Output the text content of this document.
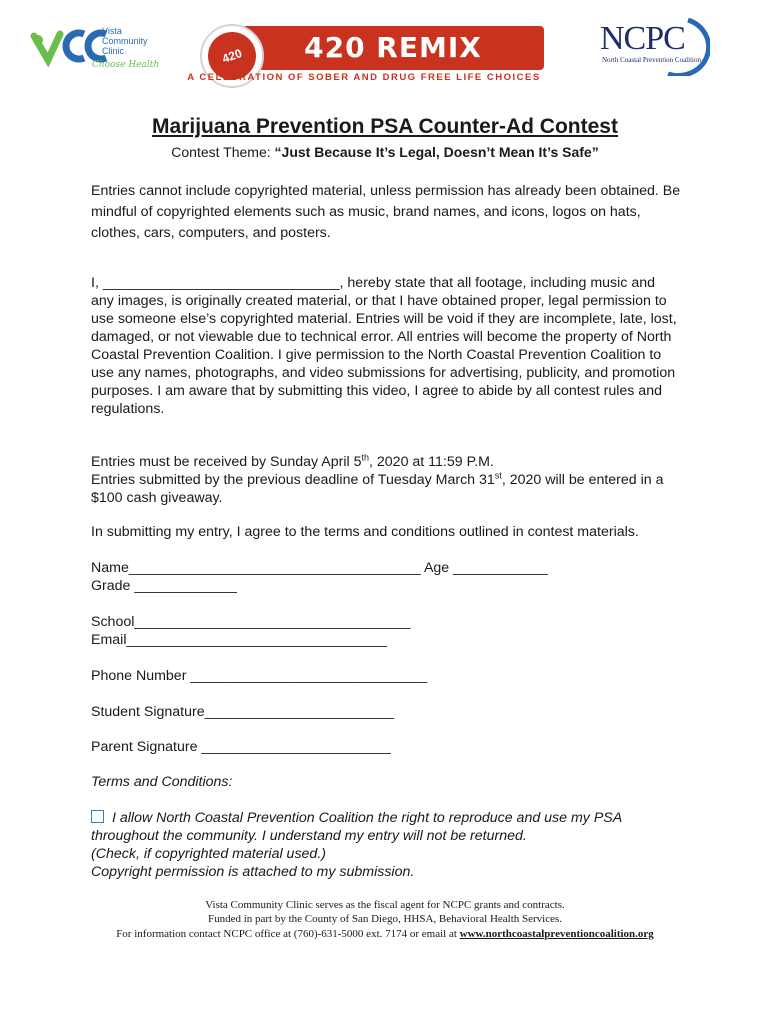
Vista
Community
Clinic
Choose Health
420 REMIX
420 REMIX
A CELEBRATION OF SOBER AND DRUG FREE LIFE CHOICES
NCPC
North Coastal Prevention Coalition
Marijuana Prevention PSA Counter-Ad Contest
Contest Theme: “Just Because It’s Legal, Doesn’t Mean It’s Safe”
Entries cannot include copyrighted material, unless permission has already been obtained. Be mindful of copyrighted elements such as music, brand names, and icons, logos on hats, clothes, cars, computers, and posters.
I, ______________________________, hereby state that all footage, including music and any images, is originally created material, or that I have obtained proper, legal permission to use someone else’s copyrighted material. Entries will be void if they are incomplete, late, lost, damaged, or not viewable due to technical error. All entries will become the property of North Coastal Prevention Coalition. I give permission to the North Coastal Prevention Coalition to use any names, photographs, and video submissions for advertising, publicity, and promotion purposes. I am aware that by submitting this video, I agree to abide by all contest rules and regulations.
Entries must be received by Sunday April 5th, 2020 at 11:59 P.M.
Entries submitted by the previous deadline of Tuesday March 31st, 2020 will be entered in a $100 cash giveaway.
In submitting my entry, I agree to the terms and conditions outlined in contest materials.
Name_____________________________________ Age ____________
Grade _____________
School___________________________________
Email_________________________________
Phone Number ______________________________
Student Signature________________________
Parent Signature ________________________
Terms and Conditions:
I allow North Coastal Prevention Coalition the right to reproduce and use my PSA
throughout the community. I understand my entry will not be returned.
(Check, if copyrighted material used.)
Copyright permission is attached to my submission.
Vista Community Clinic serves as the fiscal agent for NCPC grants and contracts.
Funded in part by the County of San Diego, HHSA, Behavioral Health Services.
For information contact NCPC office at (760)-631-5000 ext. 7174 or email at www.northcoastalpreventioncoalition.org
